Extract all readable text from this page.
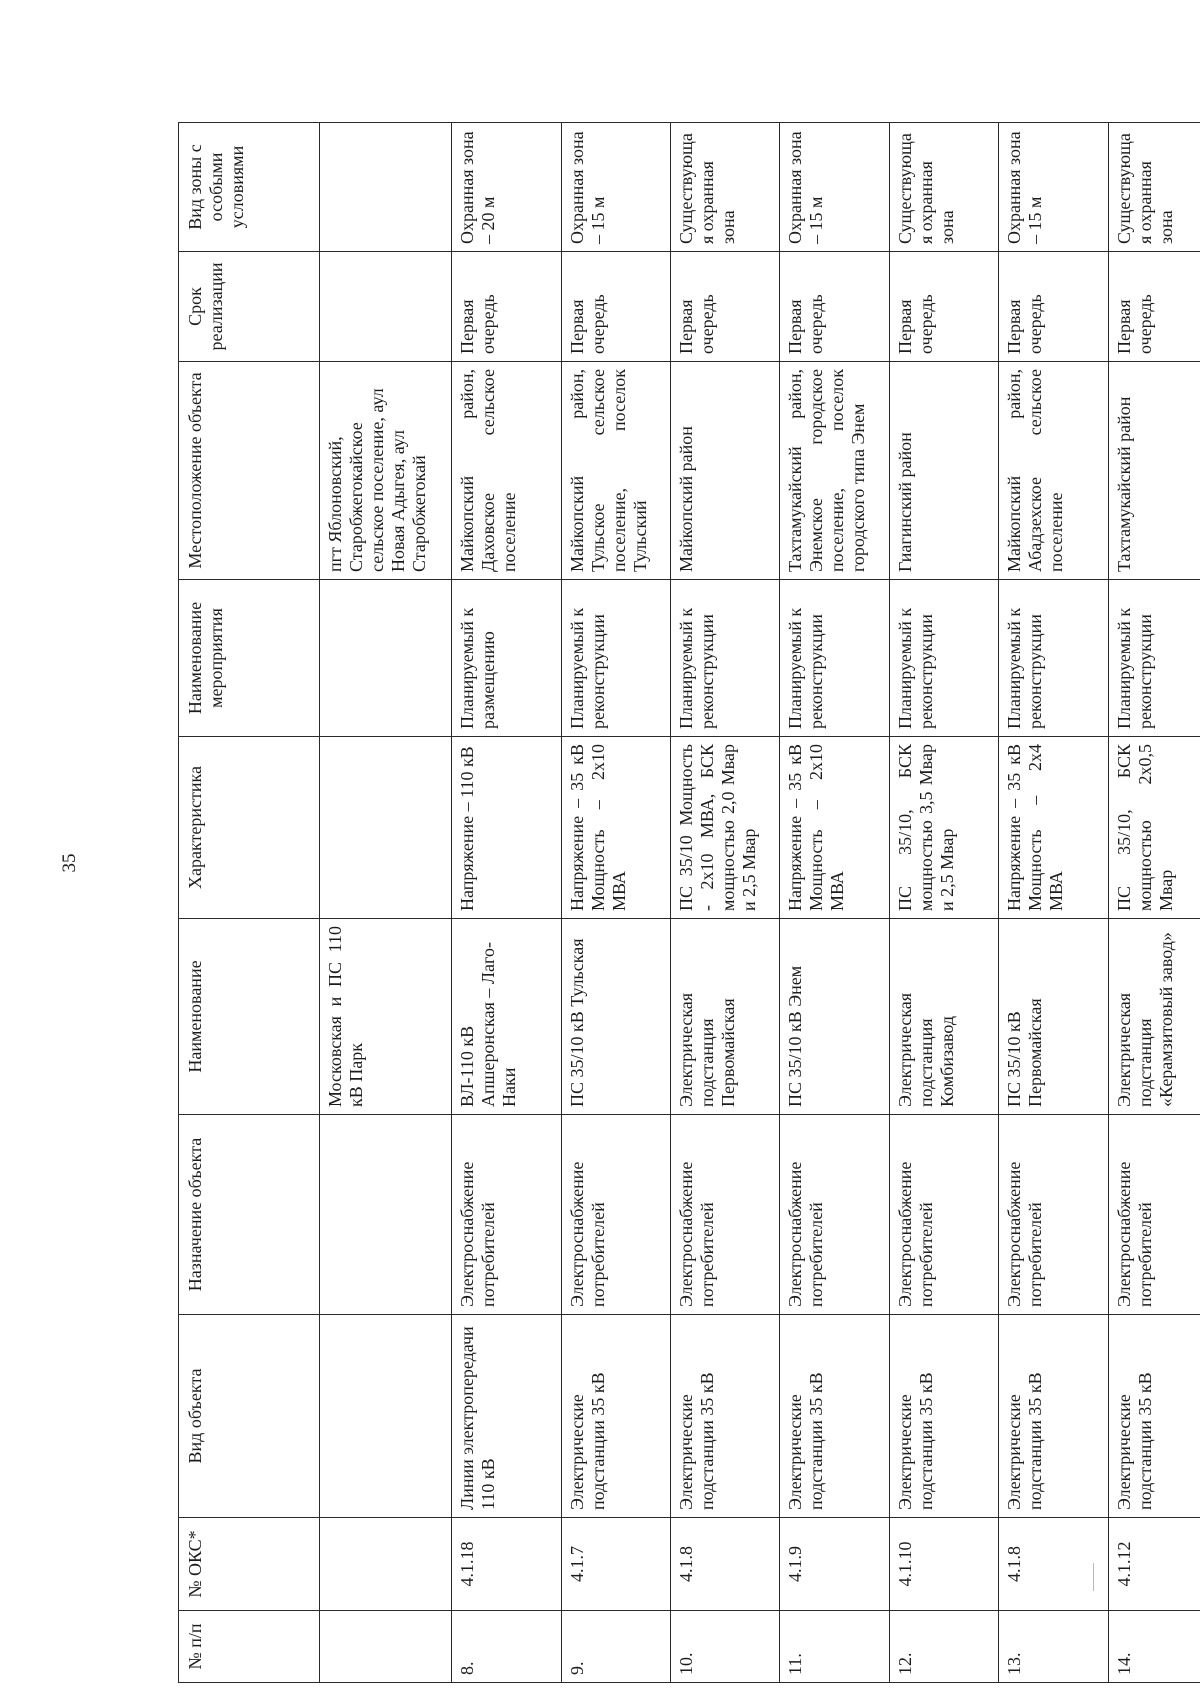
35
№ п/п	№ ОКС*	Вид объекта	Назначение объекта	Наименование	Характеристика	Наименование мероприятия	Местоположение объекта	Срок реализации	Вид зоны с особыми условиями
				Московская и ПС 110 кВ Парк			пгт Яблоновский, Старобжегокайское сельское поселение, аул Новая Адыгея, аул Старобжегокай		
8.	4.1.18	Линии электропередачи 110 кВ	Электроснабжение потребителей	ВЛ-110 кВ Апшеронская – Лаго-Наки	Напряжение – 110 кВ	Планируемый к размещению	Майкопский район, Даховское сельское поселение	Первая очередь	Охранная зона – 20 м
9.	4.1.7	Электрические подстанции 35 кВ	Электроснабжение потребителей	ПС 35/10 кВ Тульская	Напряжение – 35 кВ Мощность – 2х10 МВА	Планируемый к реконструкции	Майкопский район, Тульское сельское поселение, поселок Тульский	Первая очередь	Охранная зона – 15 м
10.	4.1.8	Электрические подстанции 35 кВ	Электроснабжение потребителей	Электрическая подстанция Первомайская	ПС 35/10 Мощность - 2х10 МВА, БСК мощностью 2,0 Мвар и 2,5 Мвар	Планируемый к реконструкции	Майкопский район	Первая очередь	Существующая охранная зона
11.	4.1.9	Электрические подстанции 35 кВ	Электроснабжение потребителей	ПС 35/10 кВ Энем	Напряжение – 35 кВ Мощность – 2х10 МВА	Планируемый к реконструкции	Тахтамукайский район, Энемское городское поселение, поселок городского типа Энем	Первая очередь	Охранная зона – 15 м
12.	4.1.10	Электрические подстанции 35 кВ	Электроснабжение потребителей	Электрическая подстанция Комбизавод	ПС 35/10, БСК мощностью 3,5 Мвар и 2,5 Мвар	Планируемый к реконструкции	Гиагинский район	Первая очередь	Существующая охранная зона
13.	4.1.8	Электрические подстанции 35 кВ	Электроснабжение потребителей	ПС 35/10 кВ Первомайская	Напряжение – 35 кВ Мощность – 2х4 МВА	Планируемый к реконструкции	Майкопский район, Абадзехское сельское поселение	Первая очередь	Охранная зона – 15 м
14.	4.1.12	Электрические подстанции 35 кВ	Электроснабжение потребителей	Электрическая подстанция «Керамзитовый завод»	ПС 35/10, БСК мощностью 2х0,5 Мвар	Планируемый к реконструкции	Тахтамукайский район	Первая очередь	Существующая охранная зона
